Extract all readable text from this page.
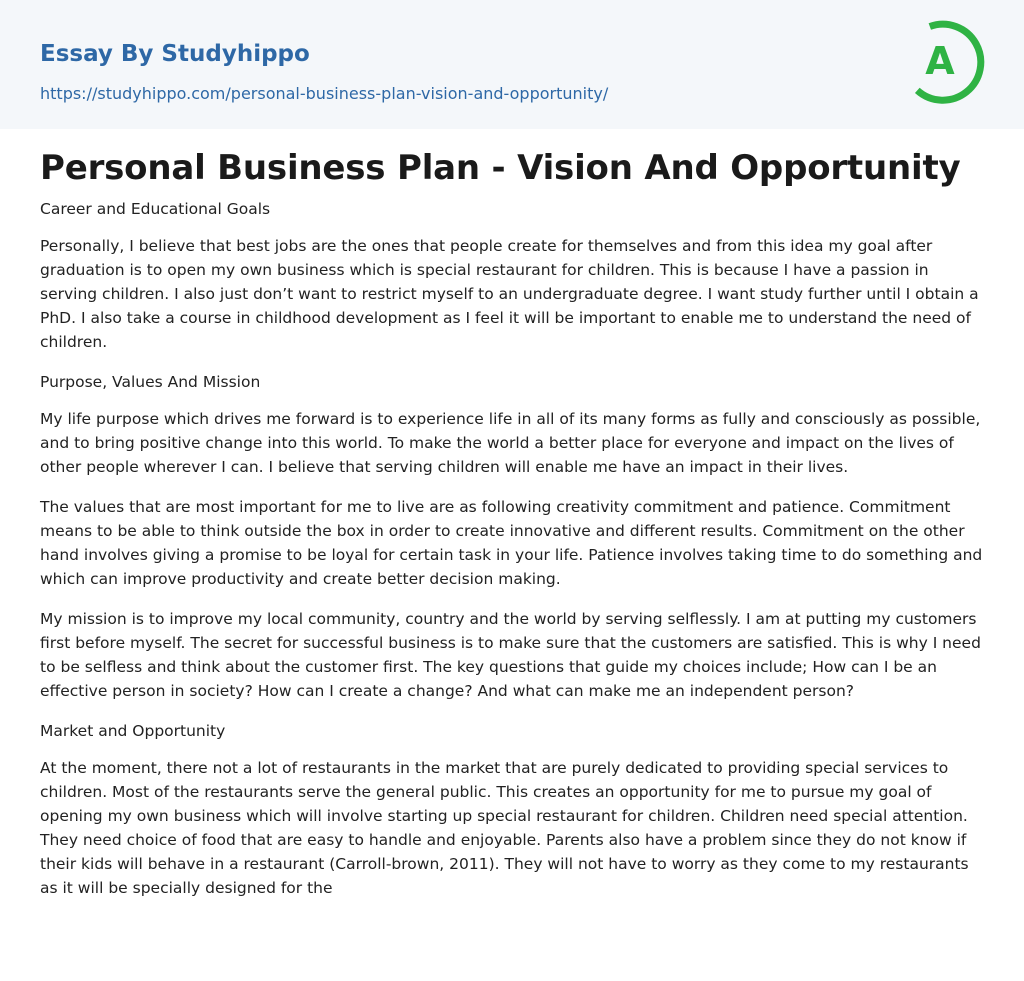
Essay By Studyhippo
https://studyhippo.com/personal-business-plan-vision-and-opportunity/
A
Personal Business Plan - Vision And Opportunity

Career and Educational Goals

Personally, I believe that best jobs are the ones that people create for themselves and from this idea my goal after graduation is to open my own business which is special restaurant for children. This is because I have a passion in serving children. I also just don’t want to restrict myself to an undergraduate degree. I want study further until I obtain a PhD. I also take a course in childhood development as I feel it will be important to enable me to understand the need of children.

Purpose, Values And Mission

My life purpose which drives me forward is to experience life in all of its many forms as fully and consciously as possible, and to bring positive change into this world. To make the world a better place for everyone and impact on the lives of other people wherever I can. I believe that serving children will enable me have an impact in their lives.

The values that are most important for me to live are as following creativity commitment and patience. Commitment means to be able to think outside the box in order to create innovative and different results. Commitment on the other hand involves giving a promise to be loyal for certain task in your life. Patience involves taking time to do something and which can improve productivity and create better decision making.

My mission is to improve my local community, country and the world by serving selflessly. I am at putting my customers first before myself. The secret for successful business is to make sure that the customers are satisfied. This is why I need to be selfless and think about the customer first. The key questions that guide my choices include; How can I be an effective person in society? How can I create a change? And what can make me an independent person?

Market and Opportunity

At the moment, there not a lot of restaurants in the market that are purely dedicated to providing special services to children. Most of the restaurants serve the general public. This creates an opportunity for me to pursue my goal of opening my own business which will involve starting up special restaurant for children. Children need special attention. They need choice of food that are easy to handle and enjoyable. Parents also have a problem since they do not know if their kids will behave in a restaurant (Carroll-brown, 2011). They will not have to worry as they come to my restaurants as it will be specially designed for the
